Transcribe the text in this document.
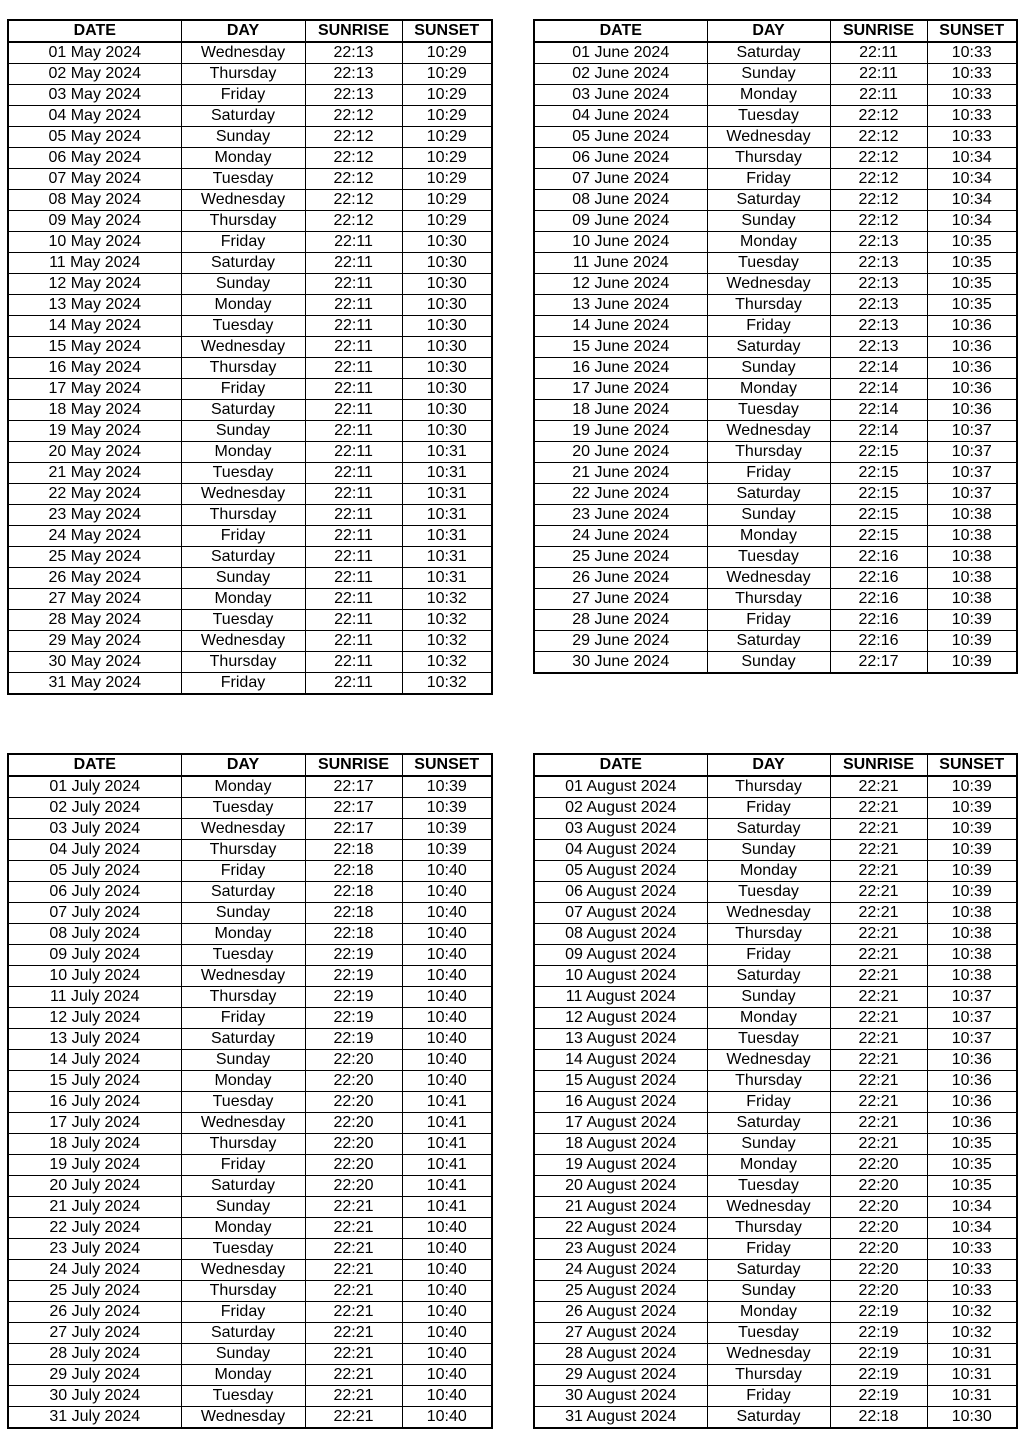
DATE	DAY	SUNRISE	SUNSET
01 May 2024	Wednesday	22:13	10:29
02 May 2024	Thursday	22:13	10:29
03 May 2024	Friday	22:13	10:29
04 May 2024	Saturday	22:12	10:29
05 May 2024	Sunday	22:12	10:29
06 May 2024	Monday	22:12	10:29
07 May 2024	Tuesday	22:12	10:29
08 May 2024	Wednesday	22:12	10:29
09 May 2024	Thursday	22:12	10:29
10 May 2024	Friday	22:11	10:30
11 May 2024	Saturday	22:11	10:30
12 May 2024	Sunday	22:11	10:30
13 May 2024	Monday	22:11	10:30
14 May 2024	Tuesday	22:11	10:30
15 May 2024	Wednesday	22:11	10:30
16 May 2024	Thursday	22:11	10:30
17 May 2024	Friday	22:11	10:30
18 May 2024	Saturday	22:11	10:30
19 May 2024	Sunday	22:11	10:30
20 May 2024	Monday	22:11	10:31
21 May 2024	Tuesday	22:11	10:31
22 May 2024	Wednesday	22:11	10:31
23 May 2024	Thursday	22:11	10:31
24 May 2024	Friday	22:11	10:31
25 May 2024	Saturday	22:11	10:31
26 May 2024	Sunday	22:11	10:31
27 May 2024	Monday	22:11	10:32
28 May 2024	Tuesday	22:11	10:32
29 May 2024	Wednesday	22:11	10:32
30 May 2024	Thursday	22:11	10:32
31 May 2024	Friday	22:11	10:32
DATE	DAY	SUNRISE	SUNSET
01 June 2024	Saturday	22:11	10:33
02 June 2024	Sunday	22:11	10:33
03 June 2024	Monday	22:11	10:33
04 June 2024	Tuesday	22:12	10:33
05 June 2024	Wednesday	22:12	10:33
06 June 2024	Thursday	22:12	10:34
07 June 2024	Friday	22:12	10:34
08 June 2024	Saturday	22:12	10:34
09 June 2024	Sunday	22:12	10:34
10 June 2024	Monday	22:13	10:35
11 June 2024	Tuesday	22:13	10:35
12 June 2024	Wednesday	22:13	10:35
13 June 2024	Thursday	22:13	10:35
14 June 2024	Friday	22:13	10:36
15 June 2024	Saturday	22:13	10:36
16 June 2024	Sunday	22:14	10:36
17 June 2024	Monday	22:14	10:36
18 June 2024	Tuesday	22:14	10:36
19 June 2024	Wednesday	22:14	10:37
20 June 2024	Thursday	22:15	10:37
21 June 2024	Friday	22:15	10:37
22 June 2024	Saturday	22:15	10:37
23 June 2024	Sunday	22:15	10:38
24 June 2024	Monday	22:15	10:38
25 June 2024	Tuesday	22:16	10:38
26 June 2024	Wednesday	22:16	10:38
27 June 2024	Thursday	22:16	10:38
28 June 2024	Friday	22:16	10:39
29 June 2024	Saturday	22:16	10:39
30 June 2024	Sunday	22:17	10:39
DATE	DAY	SUNRISE	SUNSET
01 July 2024	Monday	22:17	10:39
02 July 2024	Tuesday	22:17	10:39
03 July 2024	Wednesday	22:17	10:39
04 July 2024	Thursday	22:18	10:39
05 July 2024	Friday	22:18	10:40
06 July 2024	Saturday	22:18	10:40
07 July 2024	Sunday	22:18	10:40
08 July 2024	Monday	22:18	10:40
09 July 2024	Tuesday	22:19	10:40
10 July 2024	Wednesday	22:19	10:40
11 July 2024	Thursday	22:19	10:40
12 July 2024	Friday	22:19	10:40
13 July 2024	Saturday	22:19	10:40
14 July 2024	Sunday	22:20	10:40
15 July 2024	Monday	22:20	10:40
16 July 2024	Tuesday	22:20	10:41
17 July 2024	Wednesday	22:20	10:41
18 July 2024	Thursday	22:20	10:41
19 July 2024	Friday	22:20	10:41
20 July 2024	Saturday	22:20	10:41
21 July 2024	Sunday	22:21	10:41
22 July 2024	Monday	22:21	10:40
23 July 2024	Tuesday	22:21	10:40
24 July 2024	Wednesday	22:21	10:40
25 July 2024	Thursday	22:21	10:40
26 July 2024	Friday	22:21	10:40
27 July 2024	Saturday	22:21	10:40
28 July 2024	Sunday	22:21	10:40
29 July 2024	Monday	22:21	10:40
30 July 2024	Tuesday	22:21	10:40
31 July 2024	Wednesday	22:21	10:40
DATE	DAY	SUNRISE	SUNSET
01 August 2024	Thursday	22:21	10:39
02 August 2024	Friday	22:21	10:39
03 August 2024	Saturday	22:21	10:39
04 August 2024	Sunday	22:21	10:39
05 August 2024	Monday	22:21	10:39
06 August 2024	Tuesday	22:21	10:39
07 August 2024	Wednesday	22:21	10:38
08 August 2024	Thursday	22:21	10:38
09 August 2024	Friday	22:21	10:38
10 August 2024	Saturday	22:21	10:38
11 August 2024	Sunday	22:21	10:37
12 August 2024	Monday	22:21	10:37
13 August 2024	Tuesday	22:21	10:37
14 August 2024	Wednesday	22:21	10:36
15 August 2024	Thursday	22:21	10:36
16 August 2024	Friday	22:21	10:36
17 August 2024	Saturday	22:21	10:36
18 August 2024	Sunday	22:21	10:35
19 August 2024	Monday	22:20	10:35
20 August 2024	Tuesday	22:20	10:35
21 August 2024	Wednesday	22:20	10:34
22 August 2024	Thursday	22:20	10:34
23 August 2024	Friday	22:20	10:33
24 August 2024	Saturday	22:20	10:33
25 August 2024	Sunday	22:20	10:33
26 August 2024	Monday	22:19	10:32
27 August 2024	Tuesday	22:19	10:32
28 August 2024	Wednesday	22:19	10:31
29 August 2024	Thursday	22:19	10:31
30 August 2024	Friday	22:19	10:31
31 August 2024	Saturday	22:18	10:30
